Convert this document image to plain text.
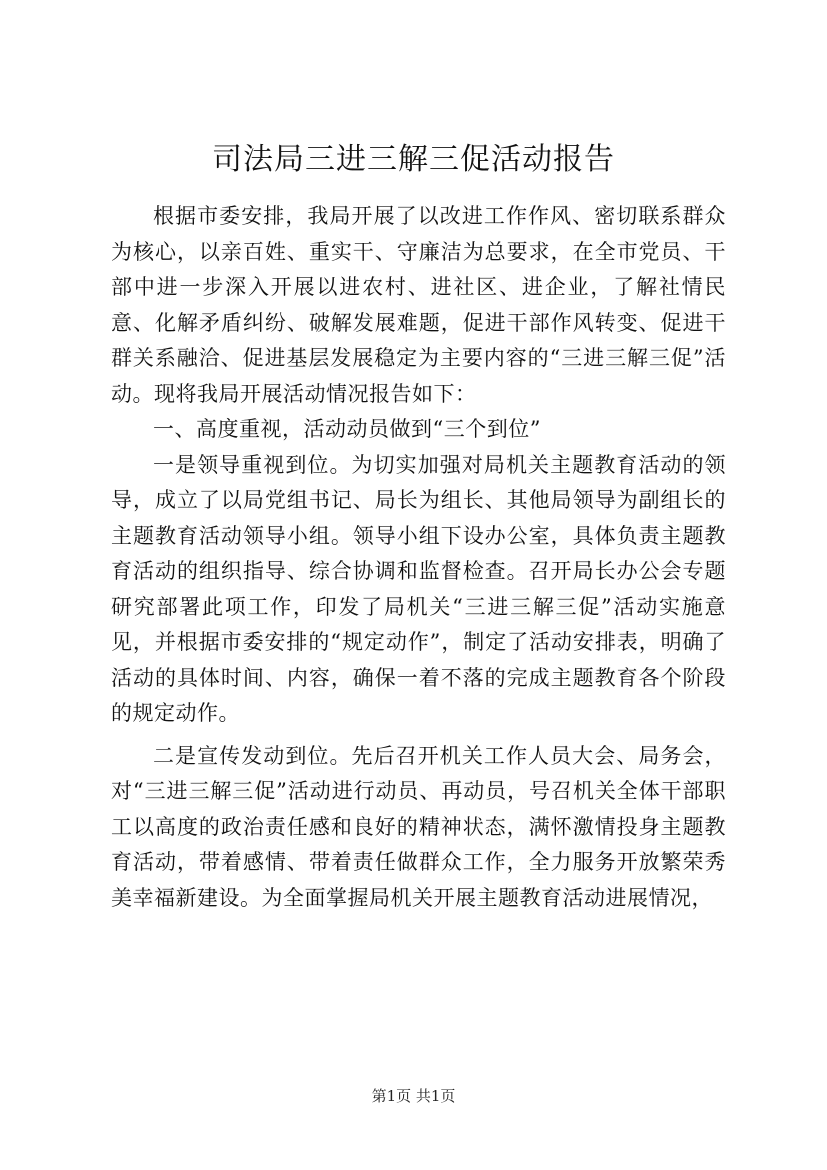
司法局三进三解三促活动报告

根据市委安排，我局开展了以改进工作作风、密切联系群众为核心，以亲百姓、重实干、守廉洁为总要求，在全市党员、干部中进一步深入开展以进农村、进社区、进企业，了解社情民意、化解矛盾纠纷、破解发展难题，促进干部作风转变、促进干群关系融洽、促进基层发展稳定为主要内容的“三进三解三促”活动。现将我局开展活动情况报告如下：

一、高度重视，活动动员做到“三个到位”

一是领导重视到位。为切实加强对局机关主题教育活动的领导，成立了以局党组书记、局长为组长、其他局领导为副组长的主题教育活动领导小组。领导小组下设办公室，具体负责主题教育活动的组织指导、综合协调和监督检查。召开局长办公会专题研究部署此项工作，印发了局机关“三进三解三促”活动实施意见，并根据市委安排的“规定动作”，制定了活动安排表，明确了活动的具体时间、内容，确保一着不落的完成主题教育各个阶段的规定动作。

二是宣传发动到位。先后召开机关工作人员大会、局务会，对“三进三解三促”活动进行动员、再动员，号召机关全体干部职工以高度的政治责任感和良好的精神状态，满怀激情投身主题教育活动，带着感情、带着责任做群众工作，全力服务开放繁荣秀美幸福新建设。为全面掌握局机关开展主题教育活动进展情况，

第1页 共1页
